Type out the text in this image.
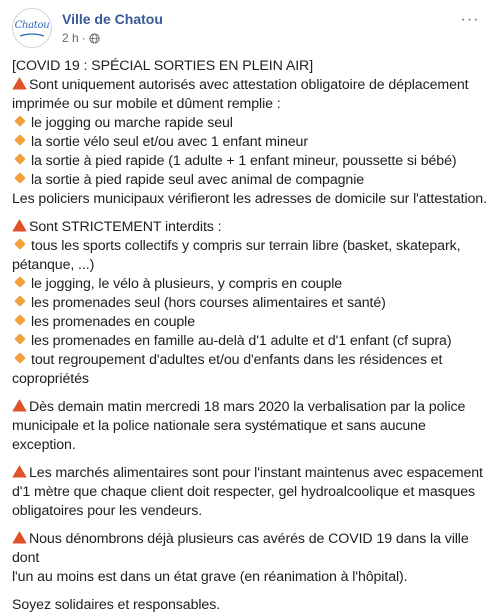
Chatou Ville de Chatou
2 h ·
···

[COVID 19 : SPÉCIAL SORTIES EN PLEIN AIR]

Sont uniquement autorisés avec attestation obligatoire de déplacement

imprimée ou sur mobile et dûment remplie :

le jogging ou marche rapide seul

la sortie vélo seul et/ou avec 1 enfant mineur

la sortie à pied rapide (1 adulte + 1 enfant mineur, poussette si bébé)

la sortie à pied rapide seul avec animal de compagnie

Les policiers municipaux vérifieront les adresses de domicile sur l'attestation.

Sont STRICTEMENT interdits :

tous les sports collectifs y compris sur terrain libre (basket, skatepark,

pétanque, ...)

le jogging, le vélo à plusieurs, y compris en couple

les promenades seul (hors courses alimentaires et santé)

les promenades en couple

les promenades en famille au-delà d'1 adulte et d'1 enfant (cf supra)

tout regroupement d'adultes et/ou d'enfants dans les résidences et

copropriétés

Dès demain matin mercredi 18 mars 2020 la verbalisation par la police

municipale et la police nationale sera systématique et sans aucune exception.

Les marchés alimentaires sont pour l'instant maintenus avec espacement

d'1 mètre que chaque client doit respecter, gel hydroalcoolique et masques

obligatoires pour les vendeurs.

Nous dénombrons déjà plusieurs cas avérés de COVID 19 dans la ville dont

l'un au moins est dans un état grave (en réanimation à l'hôpital).

Soyez solidaires et responsables.
